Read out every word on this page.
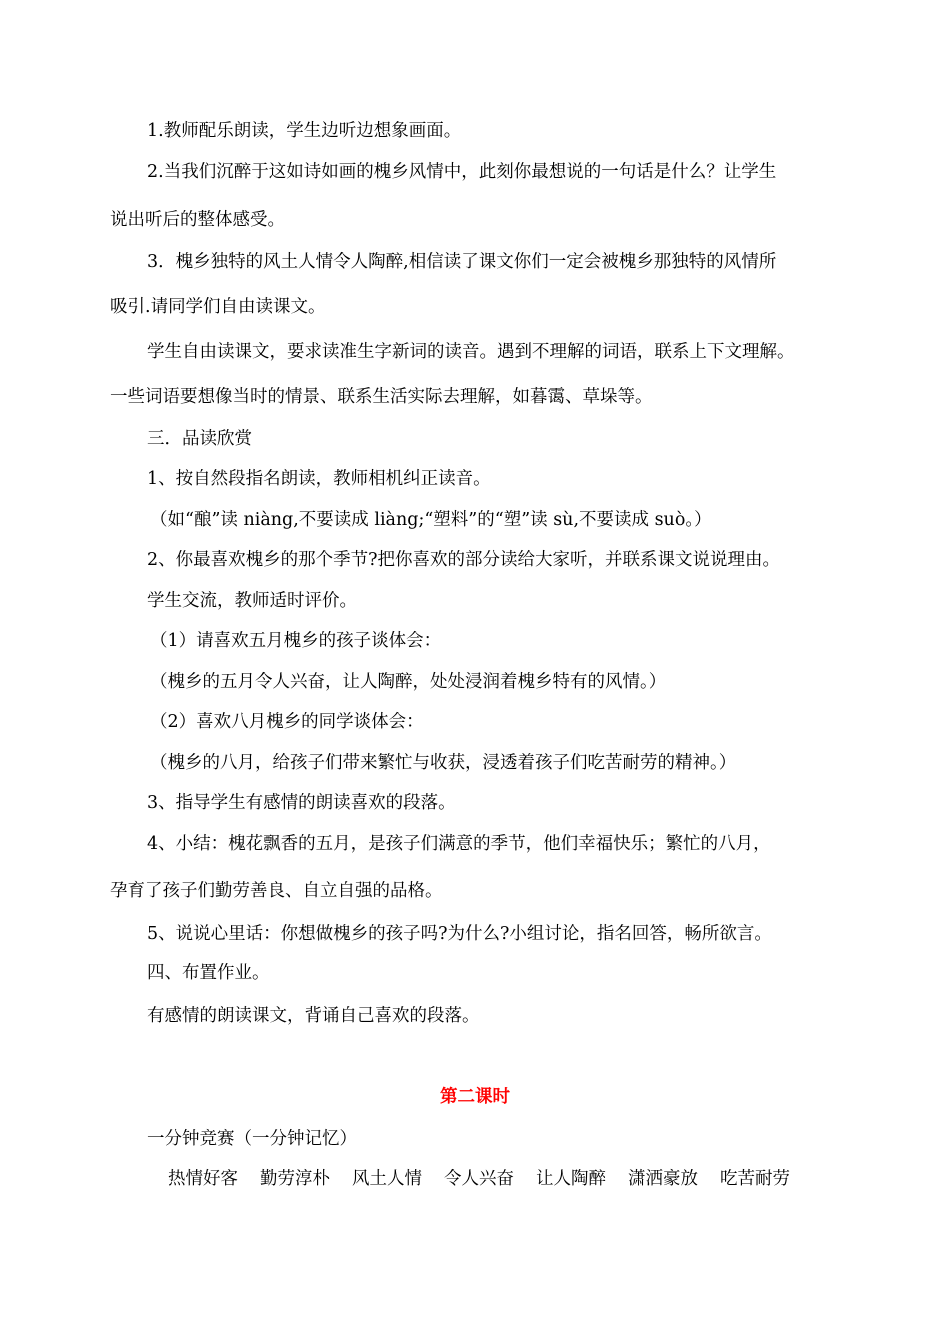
1.教师配乐朗读，学生边听边想象画面。
2.当我们沉醉于这如诗如画的槐乡风情中，此刻你最想说的一句话是什么？让学生
说出听后的整体感受。
3．槐乡独特的风土人情令人陶醉,相信读了课文你们一定会被槐乡那独特的风情所
吸引.请同学们自由读课文。
学生自由读课文，要求读准生字新词的读音。遇到不理解的词语，联系上下文理解。
一些词语要想像当时的情景、联系生活实际去理解，如暮霭、草垛等。
三．品读欣赏
1、按自然段指名朗读，教师相机纠正读音。
（如“酿”读 niàng,不要读成 liàng;“塑料”的“塑”读 sù,不要读成 suò。）
2、你最喜欢槐乡的那个季节?把你喜欢的部分读给大家听，并联系课文说说理由。
学生交流，教师适时评价。
（1）请喜欢五月槐乡的孩子谈体会：
（槐乡的五月令人兴奋，让人陶醉，处处浸润着槐乡特有的风情。）
（2）喜欢八月槐乡的同学谈体会：
（槐乡的八月，给孩子们带来繁忙与收获，浸透着孩子们吃苦耐劳的精神。）
3、指导学生有感情的朗读喜欢的段落。
4、小结：槐花飘香的五月，是孩子们满意的季节，他们幸福快乐；繁忙的八月，
孕育了孩子们勤劳善良、自立自强的品格。
5、说说心里话：你想做槐乡的孩子吗?为什么?小组讨论，指名回答，畅所欲言。
四、布置作业。
有感情的朗读课文，背诵自己喜欢的段落。
第二课时
一分钟竞赛（一分钟记忆）
热情好客 勤劳淳朴 风土人情 令人兴奋 让人陶醉 潇洒豪放 吃苦耐劳
